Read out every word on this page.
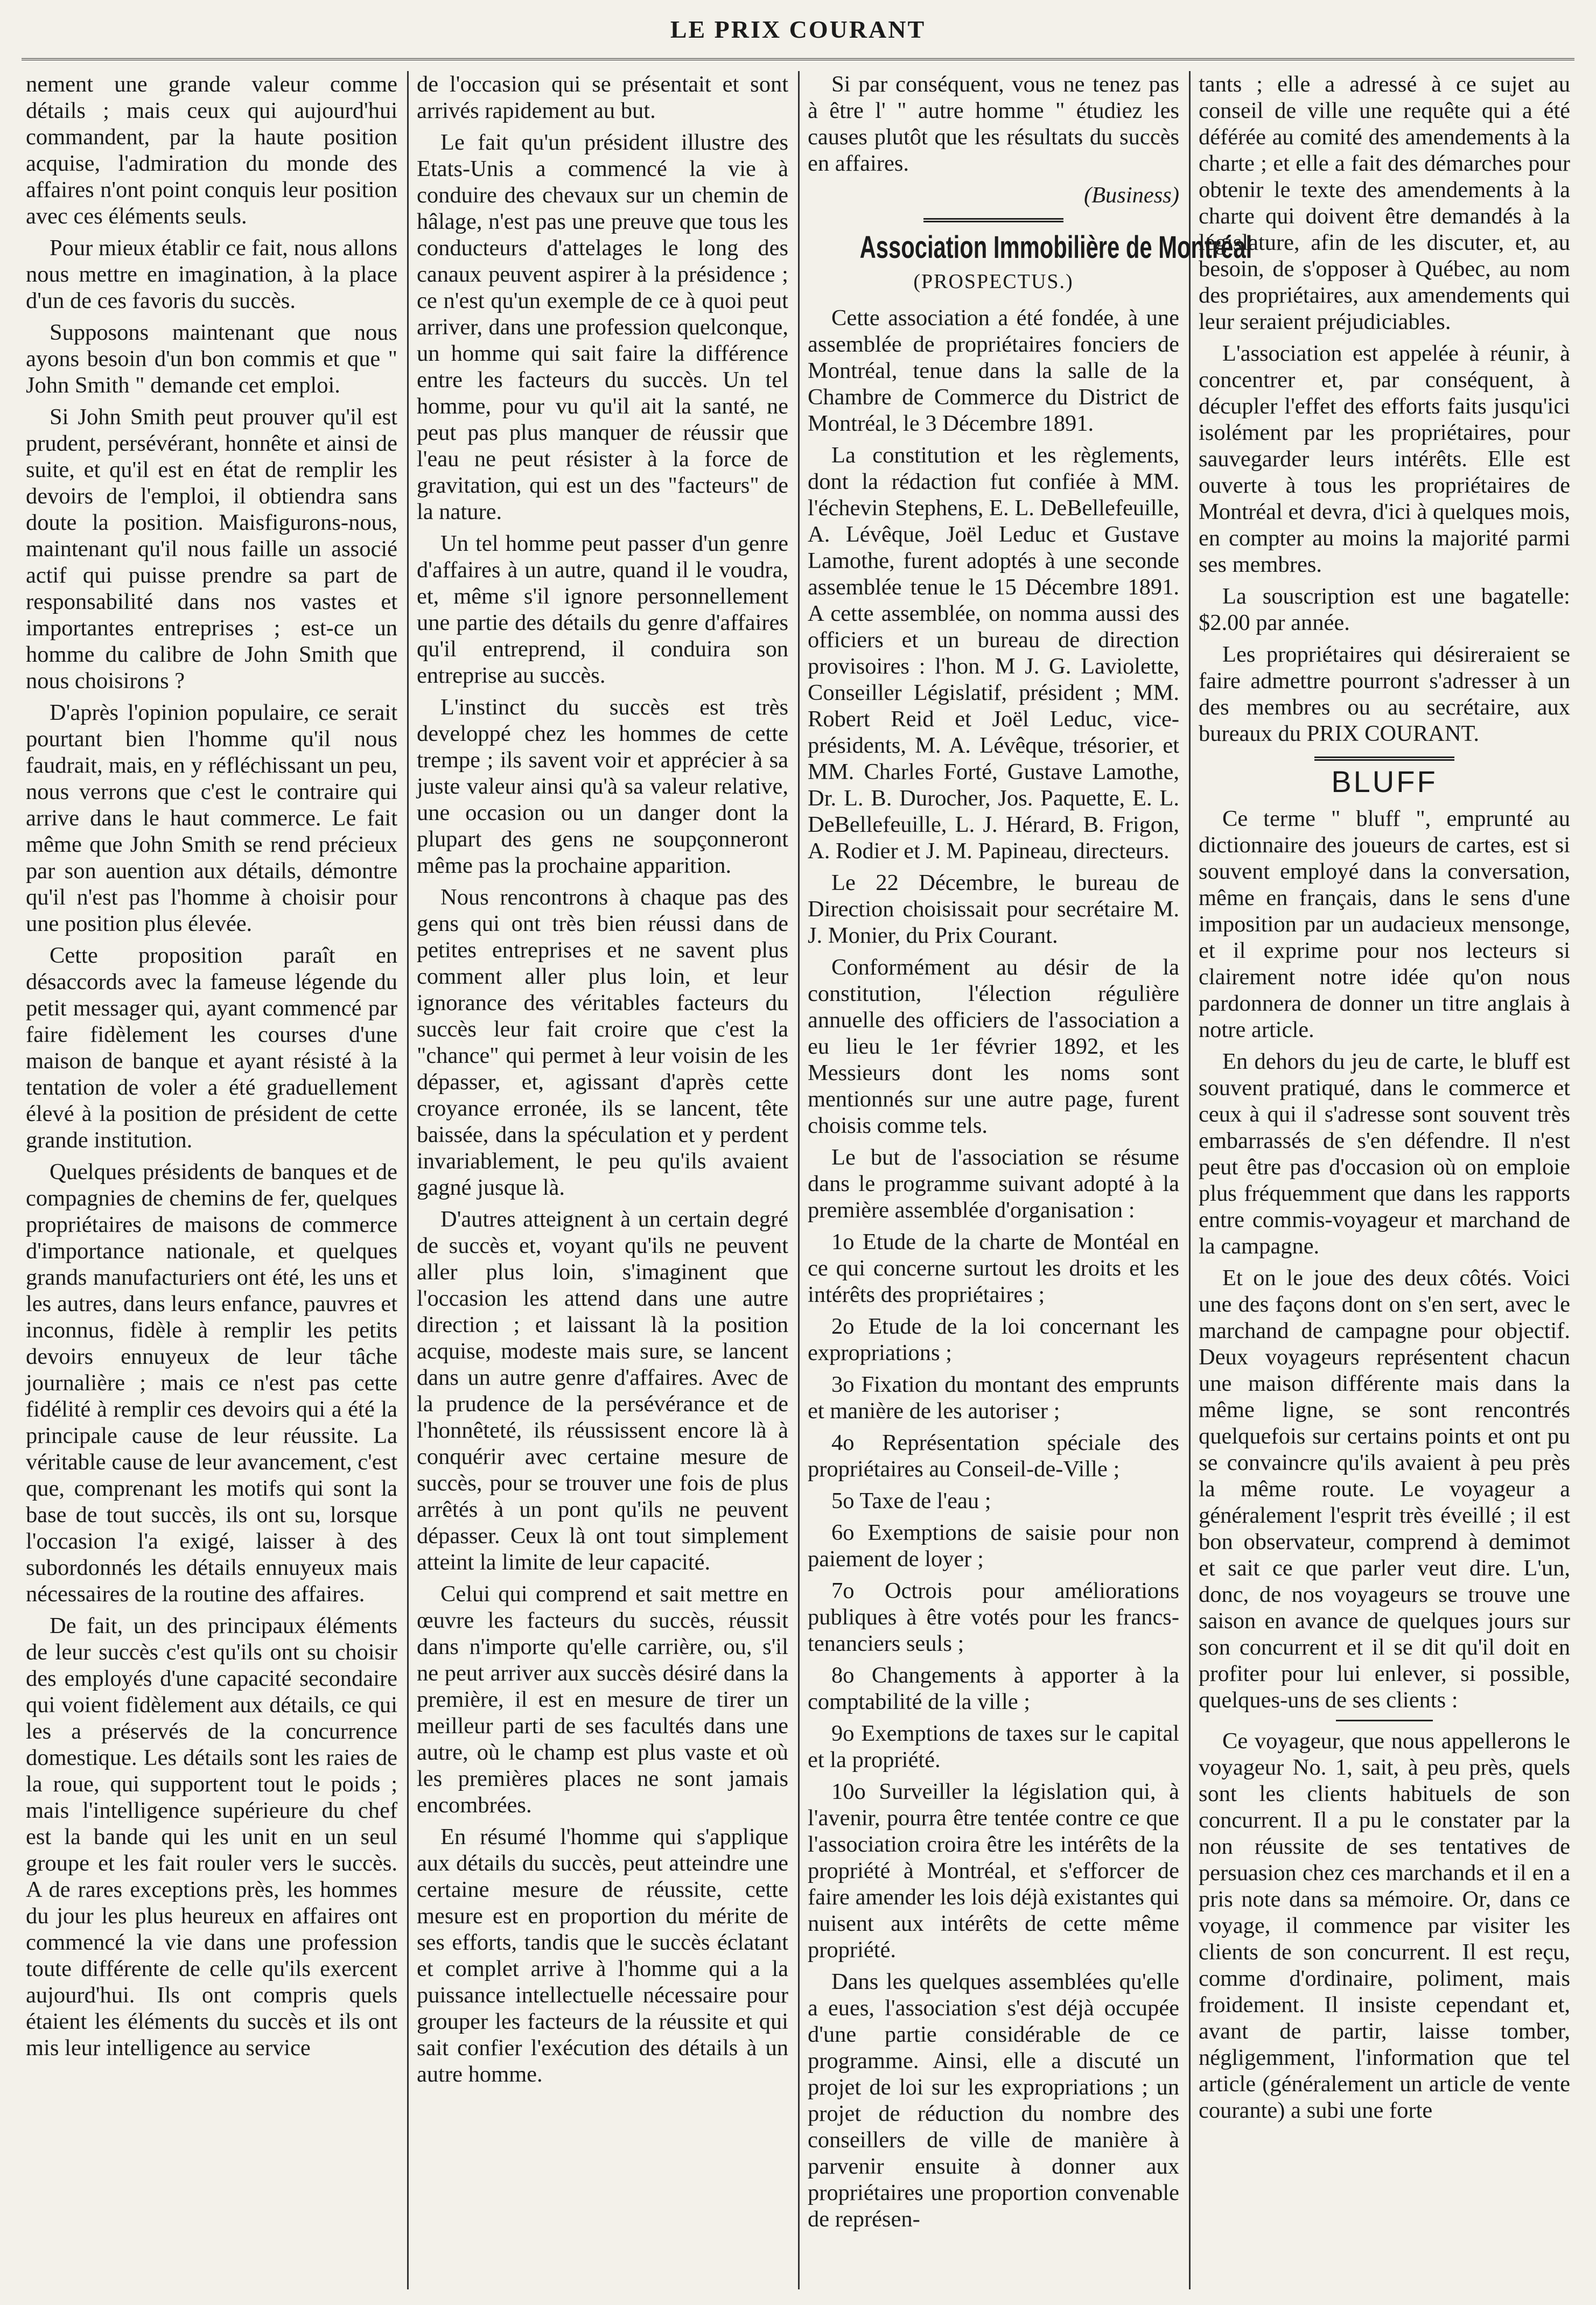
LE PRIX COURANT

nement une grande valeur comme détails ; mais ceux qui aujourd'hui commandent, par la haute position acquise, l'admiration du monde des affaires n'ont point conquis leur position avec ces éléments seuls.

Pour mieux établir ce fait, nous allons nous mettre en imagination, à la place d'un de ces favoris du succès.

Supposons maintenant que nous ayons besoin d'un bon commis et que " John Smith " demande cet emploi.

Si John Smith peut prouver qu'il est prudent, persévérant, honnête et ainsi de suite, et qu'il est en état de remplir les devoirs de l'emploi, il obtiendra sans doute la position. Maisfigurons-nous, maintenant qu'il nous faille un associé actif qui puisse prendre sa part de responsabilité dans nos vastes et importantes entreprises ; est-ce un homme du calibre de John Smith que nous choisirons ?

D'après l'opinion populaire, ce serait pourtant bien l'homme qu'il nous faudrait, mais, en y réfléchissant un peu, nous verrons que c'est le contraire qui arrive dans le haut commerce. Le fait même que John Smith se rend précieux par son auention aux détails, démontre qu'il n'est pas l'homme à choisir pour une position plus élevée.

Cette proposition paraît en désaccords avec la fameuse légende du petit messager qui, ayant commencé par faire fidèlement les courses d'une maison de banque et ayant résisté à la tentation de voler a été graduellement élevé à la position de président de cette grande institution.

Quelques présidents de banques et de compagnies de chemins de fer, quelques propriétaires de maisons de commerce d'importance nationale, et quelques grands manufacturiers ont été, les uns et les autres, dans leurs enfance, pauvres et inconnus, fidèle à remplir les petits devoirs ennuyeux de leur tâche journalière ; mais ce n'est pas cette fidélité à remplir ces devoirs qui a été la principale cause de leur réussite. La véritable cause de leur avancement, c'est que, comprenant les motifs qui sont la base de tout succès, ils ont su, lorsque l'occasion l'a exigé, laisser à des subordonnés les détails ennuyeux mais nécessaires de la routine des affaires.

De fait, un des principaux éléments de leur succès c'est qu'ils ont su choisir des employés d'une capacité secondaire qui voient fidèlement aux détails, ce qui les a préservés de la concurrence domestique. Les détails sont les raies de la roue, qui supportent tout le poids ; mais l'intelligence supérieure du chef est la bande qui les unit en un seul groupe et les fait rouler vers le succès. A de rares exceptions près, les hommes du jour les plus heureux en affaires ont commencé la vie dans une profession toute différente de celle qu'ils exercent aujourd'hui. Ils ont compris quels étaient les éléments du succès et ils ont mis leur intelligence au service

de l'occasion qui se présentait et sont arrivés rapidement au but.

Le fait qu'un président illustre des Etats-Unis a commencé la vie à conduire des chevaux sur un chemin de hâlage, n'est pas une preuve que tous les conducteurs d'attelages le long des canaux peuvent aspirer à la présidence ; ce n'est qu'un exemple de ce à quoi peut arriver, dans une profession quelconque, un homme qui sait faire la différence entre les facteurs du succès. Un tel homme, pour vu qu'il ait la santé, ne peut pas plus manquer de réussir que l'eau ne peut résister à la force de gravitation, qui est un des "facteurs" de la nature.

Un tel homme peut passer d'un genre d'affaires à un autre, quand il le voudra, et, même s'il ignore personnellement une partie des détails du genre d'affaires qu'il entreprend, il conduira son entreprise au succès.

L'instinct du succès est très developpé chez les hommes de cette trempe ; ils savent voir et apprécier à sa juste valeur ainsi qu'à sa valeur relative, une occasion ou un danger dont la plupart des gens ne soupçonneront même pas la prochaine apparition.

Nous rencontrons à chaque pas des gens qui ont très bien réussi dans de petites entreprises et ne savent plus comment aller plus loin, et leur ignorance des véritables facteurs du succès leur fait croire que c'est la "chance" qui permet à leur voisin de les dépasser, et, agissant d'après cette croyance erronée, ils se lancent, tête baissée, dans la spéculation et y perdent invariablement, le peu qu'ils avaient gagné jusque là.

D'autres atteignent à un certain degré de succès et, voyant qu'ils ne peuvent aller plus loin, s'imaginent que l'occasion les attend dans une autre direction ; et laissant là la position acquise, modeste mais sure, se lancent dans un autre genre d'affaires. Avec de la prudence de la persévérance et de l'honnêteté, ils réussissent encore là à conquérir avec certaine mesure de succès, pour se trouver une fois de plus arrêtés à un pont qu'ils ne peuvent dépasser. Ceux là ont tout simplement atteint la limite de leur capacité.

Celui qui comprend et sait mettre en œuvre les facteurs du succès, réussit dans n'importe qu'elle carrière, ou, s'il ne peut arriver aux succès désiré dans la première, il est en mesure de tirer un meilleur parti de ses facultés dans une autre, où le champ est plus vaste et où les premières places ne sont jamais encombrées.

En résumé l'homme qui s'applique aux détails du succès, peut atteindre une certaine mesure de réussite, cette mesure est en proportion du mérite de ses efforts, tandis que le succès éclatant et complet arrive à l'homme qui a la puissance intellectuelle nécessaire pour grouper les facteurs de la réussite et qui sait confier l'exécution des détails à un autre homme.

Si par conséquent, vous ne tenez pas à être l' " autre homme " étudiez les causes plutôt que les résultats du succès en affaires.

(Business)
Association Immobilière de Montréal
(PROSPECTUS.)

Cette association a été fondée, à une assemblée de propriétaires fonciers de Montréal, tenue dans la salle de la Chambre de Commerce du District de Montréal, le 3 Décembre 1891.

La constitution et les règlements, dont la rédaction fut confiée à MM. l'échevin Stephens, E. L. DeBellefeuille, A. Lévêque, Joël Leduc et Gustave Lamothe, furent adoptés à une seconde assemblée tenue le 15 Décembre 1891. A cette assemblée, on nomma aussi des officiers et un bureau de direction provisoires : l'hon. M J. G. Laviolette, Conseiller Législatif, président ; MM. Robert Reid et Joël Leduc, vice-présidents, M. A. Lévêque, trésorier, et MM. Charles Forté, Gustave Lamothe, Dr. L. B. Durocher, Jos. Paquette, E. L. DeBellefeuille, L. J. Hérard, B. Frigon, A. Rodier et J. M. Papineau, directeurs.

Le 22 Décembre, le bureau de Direction choisissait pour secrétaire M. J. Monier, du Prix Courant.

Conformément au désir de la constitution, l'élection régulière annuelle des officiers de l'association a eu lieu le 1er février 1892, et les Messieurs dont les noms sont mentionnés sur une autre page, furent choisis comme tels.

Le but de l'association se résume dans le programme suivant adopté à la première assemblée d'organisation :

1o Etude de la charte de Montéal en ce qui concerne surtout les droits et les intérêts des propriétaires ;

2o Etude de la loi concernant les expropriations ;

3o Fixation du montant des emprunts et manière de les autoriser ;

4o Représentation spéciale des propriétaires au Conseil-de-Ville ;

5o Taxe de l'eau ;

6o Exemptions de saisie pour non paiement de loyer ;

7o Octrois pour améliorations publiques à être votés pour les francs-tenanciers seuls ;

8o Changements à apporter à la comptabilité de la ville ;

9o Exemptions de taxes sur le capital et la propriété.

10o Surveiller la législation qui, à l'avenir, pourra être tentée contre ce que l'association croira être les intérêts de la propriété à Montréal, et s'efforcer de faire amender les lois déjà existantes qui nuisent aux intérêts de cette même propriété.

Dans les quelques assemblées qu'elle a eues, l'association s'est déjà occupée d'une partie considérable de ce programme. Ainsi, elle a discuté un projet de loi sur les expropriations ; un projet de réduction du nombre des conseillers de ville de manière à parvenir ensuite à donner aux propriétaires une proportion convenable de représen-

tants ; elle a adressé à ce sujet au conseil de ville une requête qui a été déférée au comité des amendements à la charte ; et elle a fait des démarches pour obtenir le texte des amendements à la charte qui doivent être demandés à la législature, afin de les discuter, et, au besoin, de s'opposer à Québec, au nom des propriétaires, aux amendements qui leur seraient préjudiciables.

L'association est appelée à réunir, à concentrer et, par conséquent, à décupler l'effet des efforts faits jusqu'ici isolément par les propriétaires, pour sauvegarder leurs intérêts. Elle est ouverte à tous les propriétaires de Montréal et devra, d'ici à quelques mois, en compter au moins la majorité parmi ses membres.

La souscription est une bagatelle: $2.00 par année.

Les propriétaires qui désireraient se faire admettre pourront s'adresser à un des membres ou au secrétaire, aux bureaux du PRIX COURANT.

BLUFF

Ce terme " bluff ", emprunté au dictionnaire des joueurs de cartes, est si souvent employé dans la conversation, même en français, dans le sens d'une imposition par un audacieux mensonge, et il exprime pour nos lecteurs si clairement notre idée qu'on nous pardonnera de donner un titre anglais à notre article.

En dehors du jeu de carte, le bluff est souvent pratiqué, dans le commerce et ceux à qui il s'adresse sont souvent très embarrassés de s'en défendre. Il n'est peut être pas d'occasion où on emploie plus fréquemment que dans les rapports entre commis-voyageur et marchand de la campagne.

Et on le joue des deux côtés. Voici une des façons dont on s'en sert, avec le marchand de campagne pour objectif. Deux voyageurs représentent chacun une maison différente mais dans la même ligne, se sont rencontrés quelquefois sur certains points et ont pu se convaincre qu'ils avaient à peu près la même route. Le voyageur a généralement l'esprit très éveillé ; il est bon observateur, comprend à demimot et sait ce que parler veut dire. L'un, donc, de nos voyageurs se trouve une saison en avance de quelques jours sur son concurrent et il se dit qu'il doit en profiter pour lui enlever, si possible, quelques-uns de ses clients :

Ce voyageur, que nous appellerons le voyageur No. 1, sait, à peu près, quels sont les clients habituels de son concurrent. Il a pu le constater par la non réussite de ses tentatives de persuasion chez ces marchands et il en a pris note dans sa mémoire. Or, dans ce voyage, il commence par visiter les clients de son concurrent. Il est reçu, comme d'ordinaire, poliment, mais froidement. Il insiste cependant et, avant de partir, laisse tomber, négligemment, l'information que tel article (généralement un article de vente courante) a subi une forte
